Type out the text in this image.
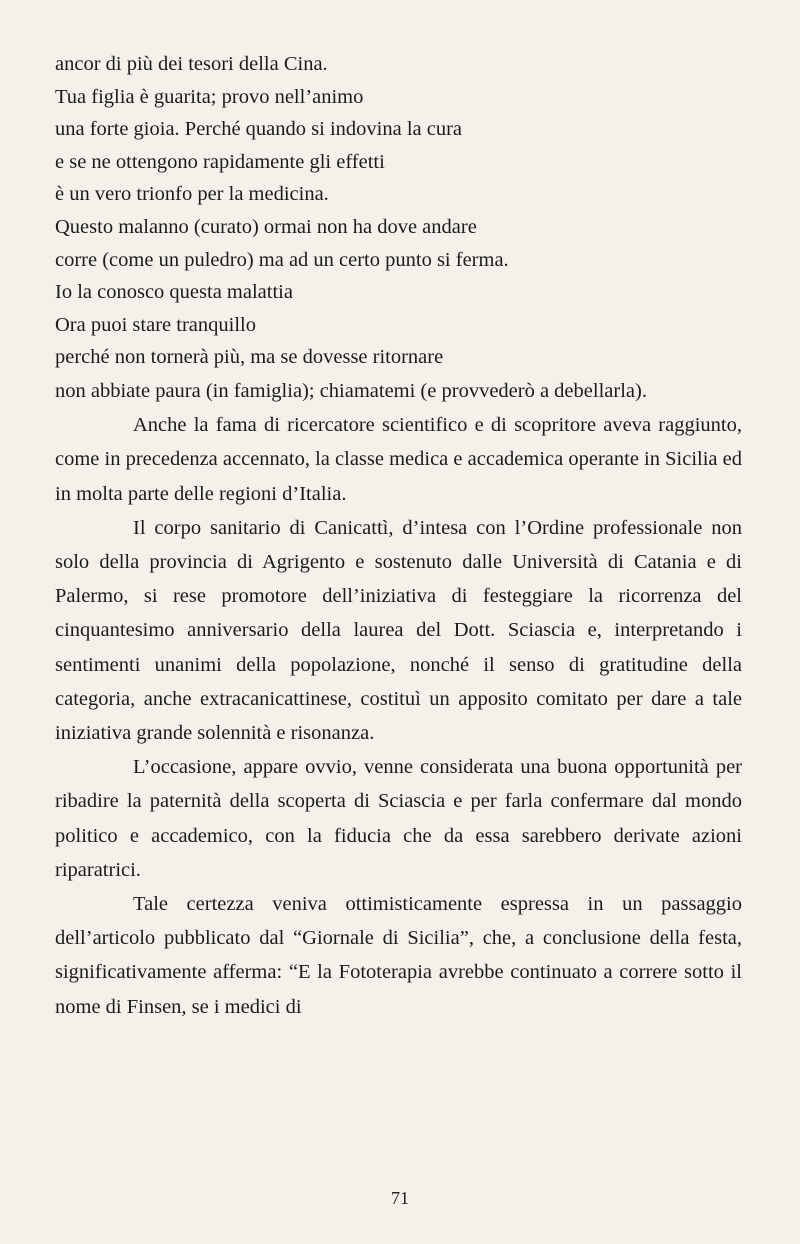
ancor di più dei tesori della Cina.
Tua figlia è guarita; provo nell’animo
una forte gioia. Perché quando si indovina la cura
e se ne ottengono rapidamente gli effetti
è un vero trionfo per la medicina.
Questo malanno (curato) ormai non ha dove andare
corre (come un puledro) ma ad un certo punto si ferma.
Io la conosco questa malattia
Ora puoi stare tranquillo
perché non tornerà più, ma se dovesse ritornare

non abbiate paura (in famiglia); chiamatemi (e provvederò a debellarla).

Anche la fama di ricercatore scientifico e di scopritore aveva raggiunto, come in precedenza accennato, la classe medica e accademica operante in Sicilia ed in molta parte delle regioni d’Italia.

Il corpo sanitario di Canicattì, d’intesa con l’Ordine professionale non solo della provincia di Agrigento e sostenuto dalle Università di Catania e di Palermo, si rese promotore dell’iniziativa di festeggiare la ricorrenza del cinquantesimo anniversario della laurea del Dott. Sciascia e, interpretando i sentimenti unanimi della popolazione, nonché il senso di gratitudine della categoria, anche extracanicattinese, costituì un apposito comitato per dare a tale iniziativa grande solennità e risonanza.

L’occasione, appare ovvio, venne considerata una buona opportunità per ribadire la paternità della scoperta di Sciascia e per farla confermare dal mondo politico e accademico, con la fiducia che da essa sarebbero derivate azioni riparatrici.

Tale certezza veniva ottimisticamente espressa in un passaggio dell’articolo pubblicato dal “Giornale di Sicilia”, che, a conclusione della festa, significativamente afferma: “E la Fototerapia avrebbe continuato a correre sotto il nome di Finsen, se i medici di

71
